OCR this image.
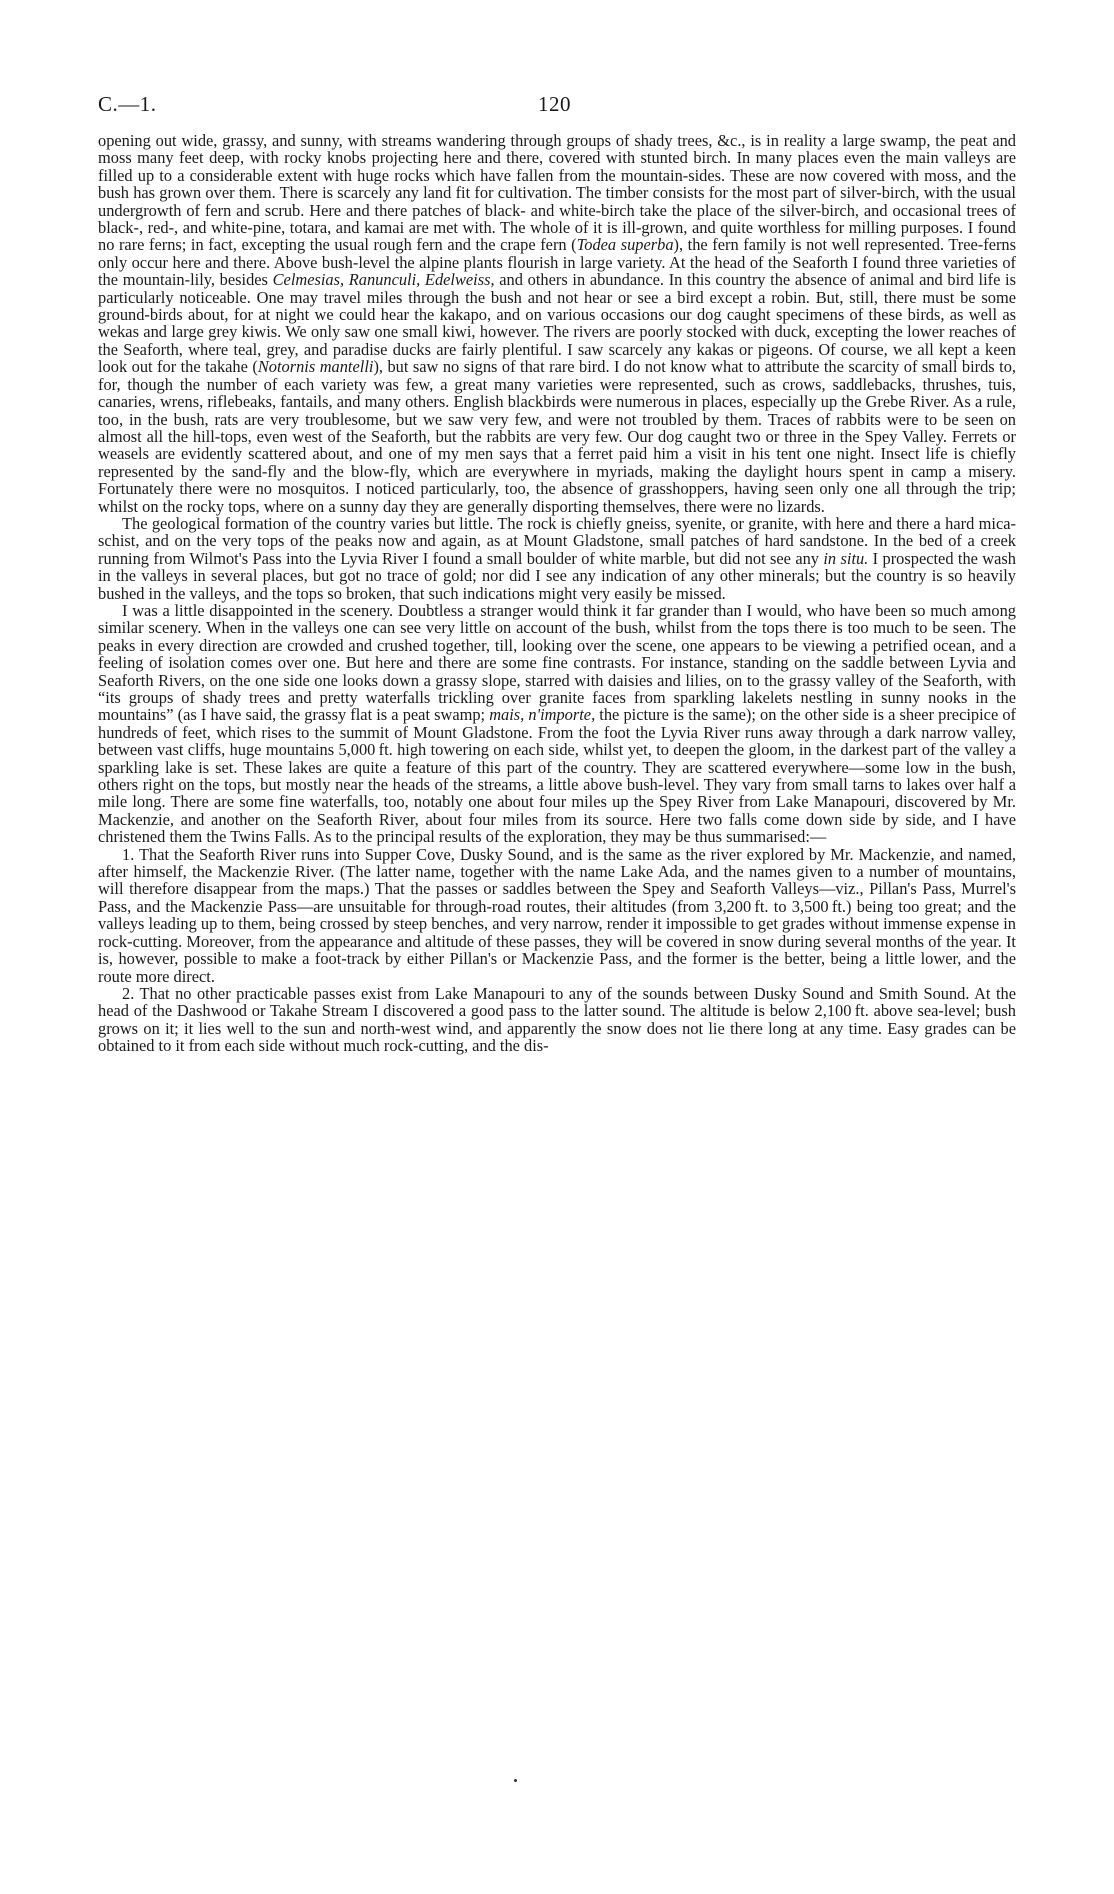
C.—1.	120

opening out wide, grassy, and sunny, with streams wandering through groups of shady trees, &c., is in reality a large swamp, the peat and moss many feet deep, with rocky knobs projecting here and there, covered with stunted birch. In many places even the main valleys are filled up to a considerable extent with huge rocks which have fallen from the mountain-sides. These are now covered with moss, and the bush has grown over them. There is scarcely any land fit for cultivation. The timber consists for the most part of silver-birch, with the usual undergrowth of fern and scrub. Here and there patches of black- and white-birch take the place of the silver-birch, and occasional trees of black-, red-, and white-pine, totara, and kamai are met with. The whole of it is ill-grown, and quite worthless for milling purposes. I found no rare ferns; in fact, excepting the usual rough fern and the crape fern (Todea superba), the fern family is not well represented. Tree-ferns only occur here and there. Above bush-level the alpine plants flourish in large variety. At the head of the Seaforth I found three varieties of the mountain-lily, besides Celmesias, Ranunculi, Edelweiss, and others in abundance. In this country the absence of animal and bird life is particularly noticeable. One may travel miles through the bush and not hear or see a bird except a robin. But, still, there must be some ground-birds about, for at night we could hear the kakapo, and on various occasions our dog caught specimens of these birds, as well as wekas and large grey kiwis. We only saw one small kiwi, however. The rivers are poorly stocked with duck, excepting the lower reaches of the Seaforth, where teal, grey, and paradise ducks are fairly plentiful. I saw scarcely any kakas or pigeons. Of course, we all kept a keen look out for the takahe (Notornis mantelli), but saw no signs of that rare bird. I do not know what to attribute the scarcity of small birds to, for, though the number of each variety was few, a great many varieties were represented, such as crows, saddlebacks, thrushes, tuis, canaries, wrens, riflebeaks, fantails, and many others. English blackbirds were numerous in places, especially up the Grebe River. As a rule, too, in the bush, rats are very troublesome, but we saw very few, and were not troubled by them. Traces of rabbits were to be seen on almost all the hill-tops, even west of the Seaforth, but the rabbits are very few. Our dog caught two or three in the Spey Valley. Ferrets or weasels are evidently scattered about, and one of my men says that a ferret paid him a visit in his tent one night. Insect life is chiefly represented by the sand-fly and the blow-fly, which are everywhere in myriads, making the daylight hours spent in camp a misery. Fortunately there were no mosquitos. I noticed particularly, too, the absence of grasshoppers, having seen only one all through the trip; whilst on the rocky tops, where on a sunny day they are generally disporting themselves, there were no lizards.

The geological formation of the country varies but little. The rock is chiefly gneiss, syenite, or granite, with here and there a hard mica-schist, and on the very tops of the peaks now and again, as at Mount Gladstone, small patches of hard sandstone. In the bed of a creek running from Wilmot's Pass into the Lyvia River I found a small boulder of white marble, but did not see any in situ. I prospected the wash in the valleys in several places, but got no trace of gold; nor did I see any indication of any other minerals; but the country is so heavily bushed in the valleys, and the tops so broken, that such indications might very easily be missed.

I was a little disappointed in the scenery. Doubtless a stranger would think it far grander than I would, who have been so much among similar scenery. When in the valleys one can see very little on account of the bush, whilst from the tops there is too much to be seen. The peaks in every direction are crowded and crushed together, till, looking over the scene, one appears to be viewing a petrified ocean, and a feeling of isolation comes over one. But here and there are some fine contrasts. For instance, standing on the saddle between Lyvia and Seaforth Rivers, on the one side one looks down a grassy slope, starred with daisies and lilies, on to the grassy valley of the Seaforth, with “its groups of shady trees and pretty waterfalls trickling over granite faces from sparkling lakelets nestling in sunny nooks in the mountains” (as I have said, the grassy flat is a peat swamp; mais, n'importe, the picture is the same); on the other side is a sheer precipice of hundreds of feet, which rises to the summit of Mount Gladstone. From the foot the Lyvia River runs away through a dark narrow valley, between vast cliffs, huge mountains 5,000 ft. high towering on each side, whilst yet, to deepen the gloom, in the darkest part of the valley a sparkling lake is set. These lakes are quite a feature of this part of the country. They are scattered everywhere—some low in the bush, others right on the tops, but mostly near the heads of the streams, a little above bush-level. They vary from small tarns to lakes over half a mile long. There are some fine waterfalls, too, notably one about four miles up the Spey River from Lake Manapouri, discovered by Mr. Mackenzie, and another on the Seaforth River, about four miles from its source. Here two falls come down side by side, and I have christened them the Twins Falls. As to the principal results of the exploration, they may be thus summarised:—

1. That the Seaforth River runs into Supper Cove, Dusky Sound, and is the same as the river explored by Mr. Mackenzie, and named, after himself, the Mackenzie River. (The latter name, together with the name Lake Ada, and the names given to a number of mountains, will therefore disappear from the maps.) That the passes or saddles between the Spey and Seaforth Valleys—viz., Pillan's Pass, Murrel's Pass, and the Mackenzie Pass—are unsuitable for through-road routes, their altitudes (from 3,200 ft. to 3,500 ft.) being too great; and the valleys leading up to them, being crossed by steep benches, and very narrow, render it impossible to get grades without immense expense in rock-cutting. Moreover, from the appearance and altitude of these passes, they will be covered in snow during several months of the year. It is, however, possible to make a foot-track by either Pillan's or Mackenzie Pass, and the former is the better, being a little lower, and the route more direct.

2. That no other practicable passes exist from Lake Manapouri to any of the sounds between Dusky Sound and Smith Sound. At the head of the Dashwood or Takahe Stream I discovered a good pass to the latter sound. The altitude is below 2,100 ft. above sea-level; bush grows on it; it lies well to the sun and north-west wind, and apparently the snow does not lie there long at any time. Easy grades can be obtained to it from each side without much rock-cutting, and the dis-
